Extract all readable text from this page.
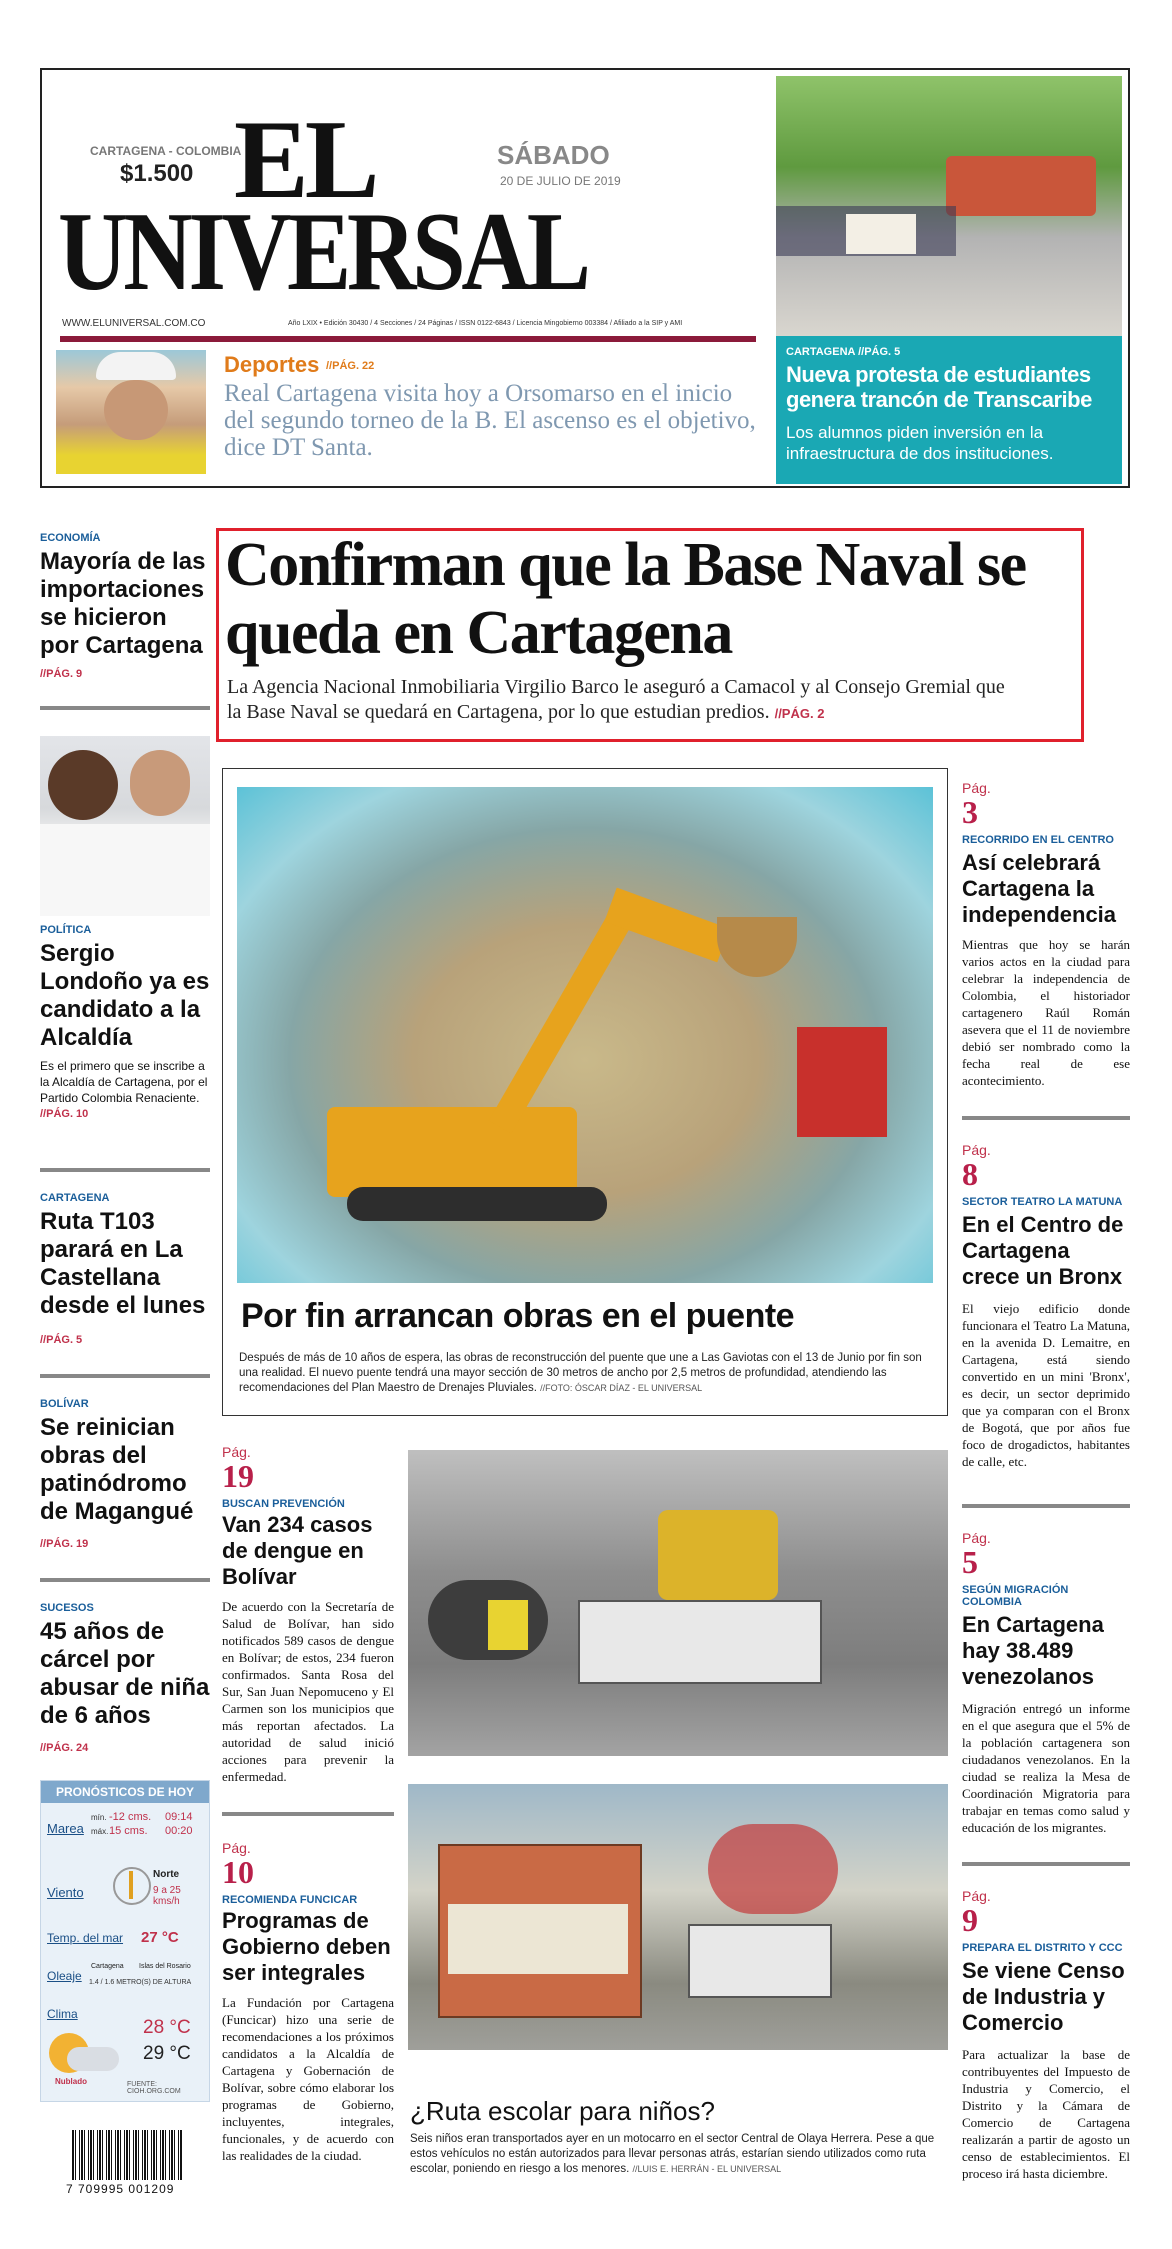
CARTAGENA - COLOMBIA
$1.500 EL
UNIVERSAL
SÁBADO
20 DE JULIO DE 2019
WWW.ELUNIVERSAL.COM.CO	Año LXIX • Edición 30430 / 4 Secciones / 24 Páginas / ISSN 0122-6843 / Licencia Mingobierno 003384 / Afiliado a la SIP y AMI
CARTAGENA //PÁG. 5
Nueva protesta de estudiantes genera trancón de Transcaribe
Los alumnos piden inversión en la infraestructura de dos instituciones.
Deportes //PÁG. 22
Real Cartagena visita hoy a Orsomarso en el inicio del segundo torneo de la B. El ascenso es el objetivo, dice DT Santa.
ECONOMÍA
Mayoría de las importaciones se hicieron por Cartagena
//PÁG. 9
POLÍTICA
Sergio Londoño ya es candidato a la Alcaldía
Es el primero que se inscribe a la Alcaldía de Cartagena, por el Partido Colombia Renaciente.
//PÁG. 10
CARTAGENA
Ruta T103 parará en La Castellana desde el lunes
//PÁG. 5
BOLÍVAR
Se reinician obras del patinódromo de Magangué
//PÁG. 19
SUCESOS
45 años de cárcel por abusar de niña de 6 años
//PÁG. 24
PRONÓSTICOS DE HOY
Marea
mín. -12 cms.
máx. 15 cms.
09:14
00:20
Viento
Norte
9 a 25 kms/h
Temp. del mar 27 °C
Oleaje
Cartagena Islas del Rosario
1.4 / 1.6 METRO(S) DE ALTURA
Clima
Nublado
28 °C
29 °C
FUENTE: CIOH.ORG.COM
7 709995 001209
Confirman que la Base Naval se queda en Cartagena
La Agencia Nacional Inmobiliaria Virgilio Barco le aseguró a Camacol y al Consejo Gremial que la Base Naval se quedará en Cartagena, por lo que estudian predios. //PÁG. 2
Por fin arrancan obras en el puente
Después de más de 10 años de espera, las obras de reconstrucción del puente que une a Las Gaviotas con el 13 de Junio por fin son una realidad. El nuevo puente tendrá una mayor sección de 30 metros de ancho por 2,5 metros de profundidad, atendiendo las recomendaciones del Plan Maestro de Drenajes Pluviales. //FOTO: ÓSCAR DÍAZ - EL UNIVERSAL
Pág.
3
RECORRIDO EN EL CENTRO
Así celebrará Cartagena la independencia
Mientras que hoy se harán varios actos en la ciudad para celebrar la independencia de Colombia, el historiador cartagenero Raúl Román asevera que el 11 de noviembre debió ser nombrado como la fecha real de ese acontecimiento.
Pág.
8
SECTOR TEATRO LA MATUNA
En el Centro de Cartagena crece un Bronx
El viejo edificio donde funcionara el Teatro La Matuna, en la avenida D. Lemaitre, en Cartagena, está siendo convertido en un mini 'Bronx', es decir, un sector deprimido que ya comparan con el Bronx de Bogotá, que por años fue foco de drogadictos, habitantes de calle, etc.
Pág.
5
SEGÚN MIGRACIÓN COLOMBIA
En Cartagena hay 38.489 venezolanos
Migración entregó un informe en el que asegura que el 5% de la población cartagenera son ciudadanos venezolanos. En la ciudad se realiza la Mesa de Coordinación Migratoria para trabajar en temas como salud y educación de los migrantes.
Pág.
9
PREPARA EL DISTRITO Y CCC
Se viene Censo de Industria y Comercio
Para actualizar la base de contribuyentes del Impuesto de Industria y Comercio, el Distrito y la Cámara de Comercio de Cartagena realizarán a partir de agosto un censo de establecimientos. El proceso irá hasta diciembre.
Pág.
19
BUSCAN PREVENCIÓN
Van 234 casos de dengue en Bolívar
De acuerdo con la Secretaría de Salud de Bolívar, han sido notificados 589 casos de dengue en Bolívar; de estos, 234 fueron confirmados. Santa Rosa del Sur, San Juan Nepomuceno y El Carmen son los municipios que más reportan afectados. La autoridad de salud inició acciones para prevenir la enfermedad.
Pág.
10
RECOMIENDA FUNCICAR
Programas de Gobierno deben ser integrales
La Fundación por Cartagena (Funcicar) hizo una serie de recomendaciones a los próximos candidatos a la Alcaldía de Cartagena y Gobernación de Bolívar, sobre cómo elaborar los programas de Gobierno, incluyentes, integrales, funcionales, y de acuerdo con las realidades de la ciudad.
¿Ruta escolar para niños?
Seis niños eran transportados ayer en un motocarro en el sector Central de Olaya Herrera. Pese a que estos vehículos no están autorizados para llevar personas atrás, estarían siendo utilizados como ruta escolar, poniendo en riesgo a los menores. //LUIS E. HERRÁN - EL UNIVERSAL
